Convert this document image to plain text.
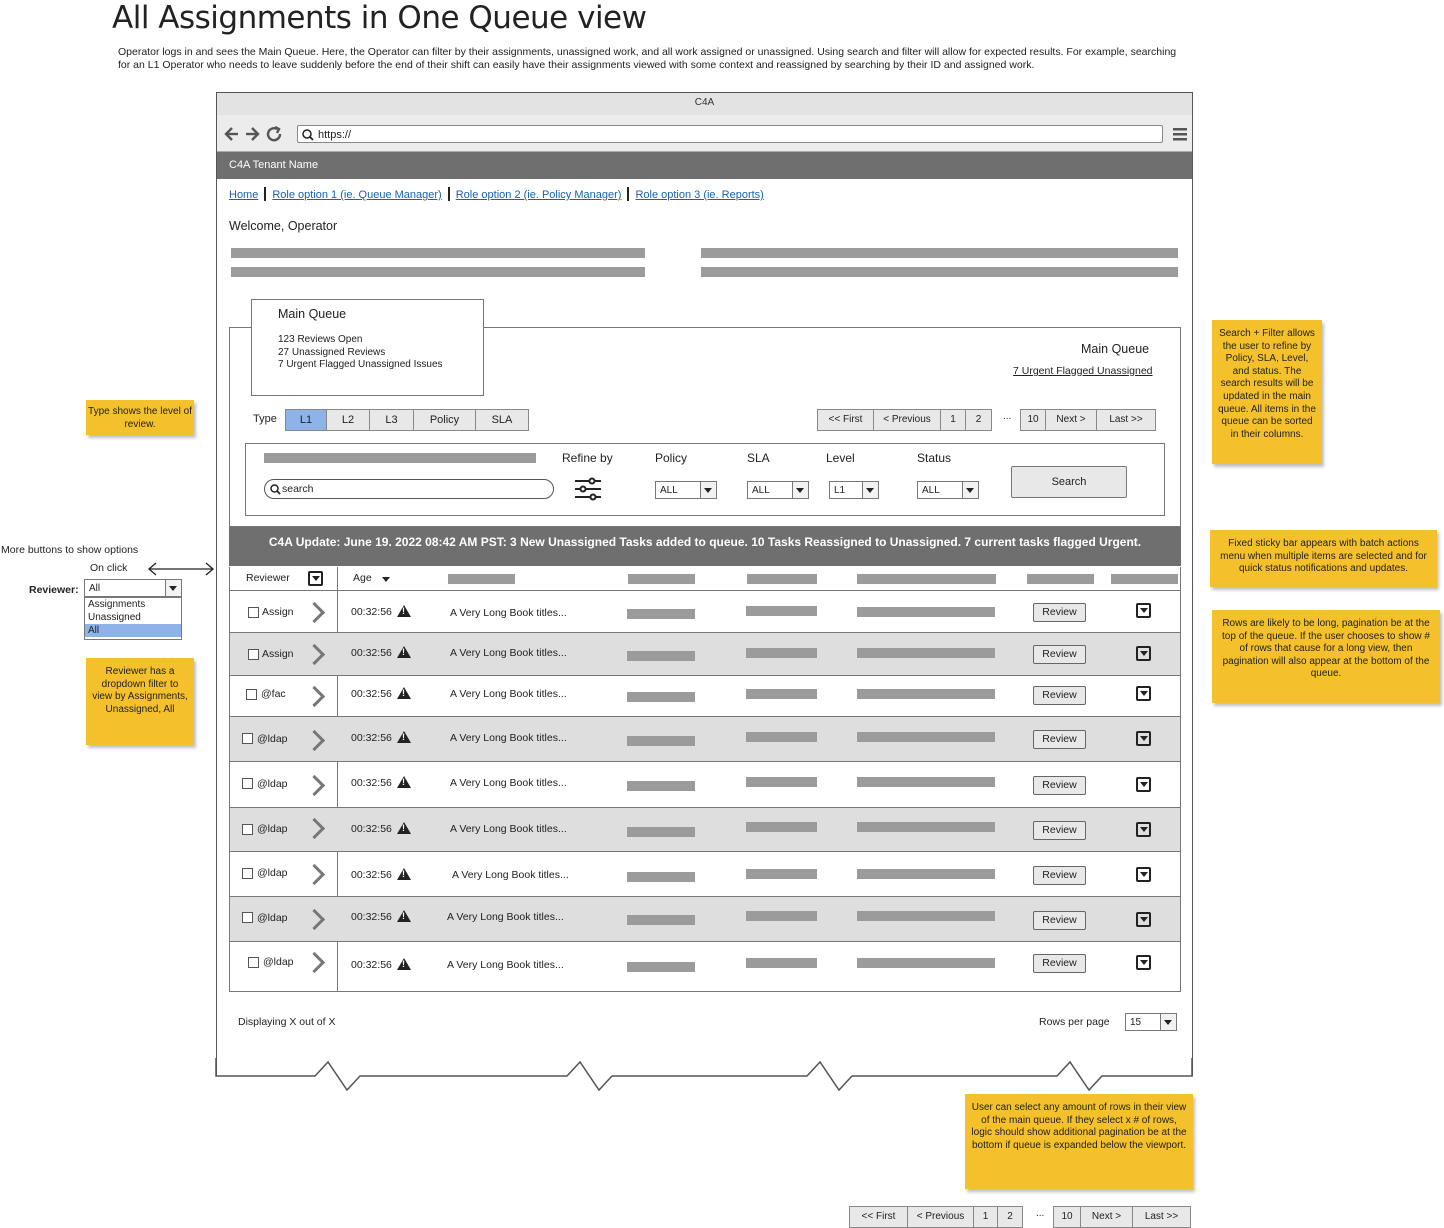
All Assignments in One Queue view
Operator logs in and sees the Main Queue. Here, the Operator can filter by their assignments, unassigned work, and all work assigned or unassigned. Using search and filter will allow for expected results. For example, searching for an L1 Operator who needs to leave suddenly before the end of their shift can easily have their assignments viewed with some context and reassigned by searching by their ID and assigned work.
Type shows the level of review.
More buttons to show options
On click
Reviewer:	All
Assignments
Unassigned
All
Reviewer has a dropdown filter to view by Assignments, Unassigned, All
Search + Filter allows the user to refine by Policy, SLA, Level, and status. The search results will be updated in the main queue. All items in the queue can be sorted in their columns.
Fixed sticky bar appears with batch actions menu when multiple items are selected and for quick status notifications and updates.
Rows are likely to be long, pagination be at the top of the queue. If the user chooses to show # of rows that cause for a long view, then pagination will also appear at the bottom of the queue.
User can select any amount of rows in their view of the main queue. If they select x # of rows, logic should show additional pagination be at the bottom if queue is expanded below the viewport.
C4A
https://
C4A Tenant Name
Home Role option 1 (ie. Queue Manager) Role option 2 (ie. Policy Manager) Role option 3 (ie. Reports)
Welcome, Operator
Main Queue
123 Reviews Open
27 Unassigned Reviews
7 Urgent Flagged Unassigned Issues
Main Queue
7 Urgent Flagged Unassigned
Type	L1	L2	L3	Policy	SLA	<< First	< Previous	1	2	...	10	Next >	Last >>
search
Refine by	Policy
ALL
SLA
ALL
Level
L1
Status
ALL
Search
C4A Update: June 19. 2022 08:42 AM PST: 3 New Unassigned Tasks added to queue. 10 Tasks Reassigned to Unassigned. 7 current tasks flagged Urgent.
Reviewer	Age
Assign	00:32:56 !	A Very Long Book titles...	Review
Assign	00:32:56 !	A Very Long Book titles...	Review
@fac	00:32:56 !	A Very Long Book titles...	Review
@ldap	00:32:56 !	A Very Long Book titles...	Review
@ldap	00:32:56 !	A Very Long Book titles...	Review
@ldap	00:32:56 !	A Very Long Book titles...	Review
@ldap	00:32:56 !	A Very Long Book titles...	Review
@ldap	00:32:56 !	A Very Long Book titles...	Review
@ldap	00:32:56 !	A Very Long Book titles...	Review
Displaying X out of X	Rows per page	15
<< First	< Previous	1	2	...	10	Next >	Last >>
